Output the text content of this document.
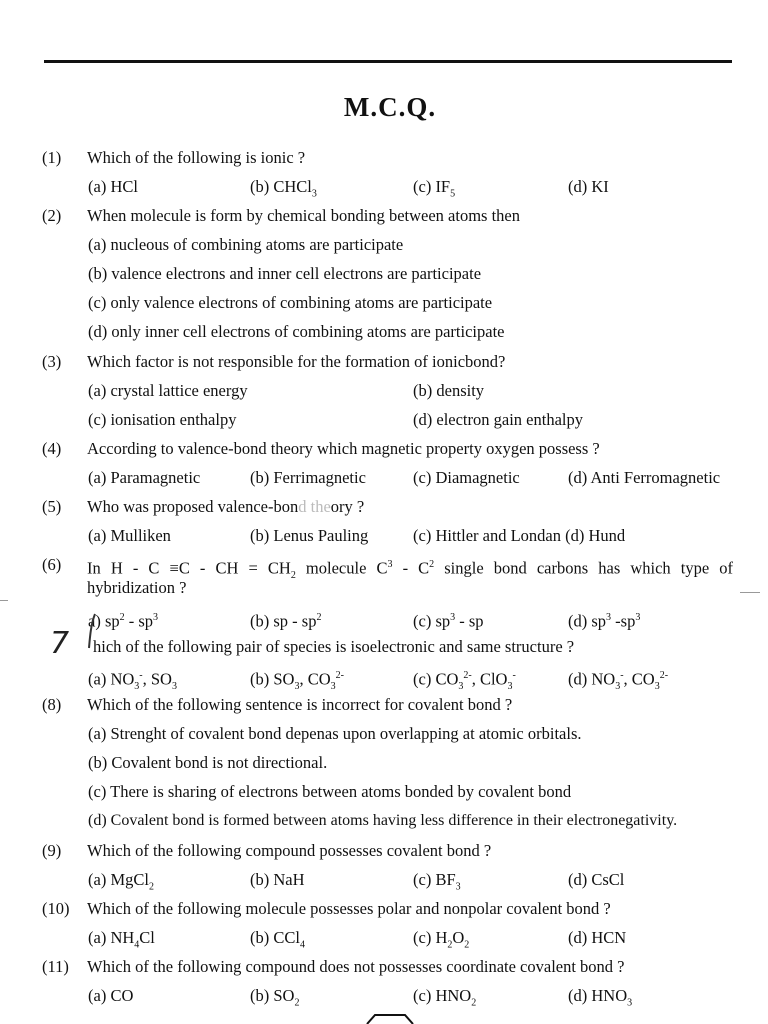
M.C.Q.
(1)	Which of the following is ionic ?
(a) HCl	(b) CHCl$_3$	(c) $IF_5$	(d) KI
(2)	When molecule is form by chemical bonding between atoms then
(a) nucleous of combining atoms are participate
(b) valence electrons and inner cell electrons are participate
(c) only valence electrons of combining atoms are participate
(d) only inner cell electrons of combining atoms are participate
(3)	Which factor is not responsible for the formation of ionicbond?
(a) crystal lattice energy	(b) density
(c) ionisation enthalpy	(d) electron gain enthalpy
(4)	According to valence-bond theory which magnetic property oxygen possess ?
(a) Paramagnetic	(b) Ferrimagnetic	(c) Diamagnetic	(d) Anti Ferromagnetic
(5)	Who was proposed valence-bond theory ?
(a) Mulliken	(b) Lenus Pauling	(c) Hittler and Londan (d) Hund
(6)	In H - C ≡C - CH = $CH_2$ molecule $C^3 - C^2$ single bond carbons has which type of
hybridization ?
a) $sp^2 - sp^3$	(b) sp - $sp^2$	(c) $sp^3$ - sp	(d) $sp^3$ $-sp^3$
7 hich of the following pair of species is isoelectronic and same structure ?
(a) $NO_3^-$, $SO_3$	(b) $SO_3$, $CO_3^{2-}$	(c) $CO_3^{2-}$, ClO$_3$-	(d) $NO_3^-$, $CO_3^{2-}$
(8)	Which of the following sentence is incorrect for covalent bond ?
(a) Strenght of covalent bond depenas upon overlapping at atomic orbitals.
(b) Covalent bond is not directional.
(c) There is sharing of electrons between atoms bonded by covalent bond
(d) Covalent bond is formed between atoms having less difference in their electronegativity.
(9)	Which of the following compound possesses covalent bond ?
(a) MgCl$_2$	(b) NaH	(c) $BF_3$	(d) CsCl
(10)	Which of the following molecule possesses polar and nonpolar covalent bond ?
(a) $NH_4Cl$	(b) CCl$_4$	(c) $H_2O_2$	(d) HCN
(11)	Which of the following compound does not possesses coordinate covalent bond ?
(a) CO	(b) $SO_2$	(c) $HNO_2$	(d) $HNO_3$
